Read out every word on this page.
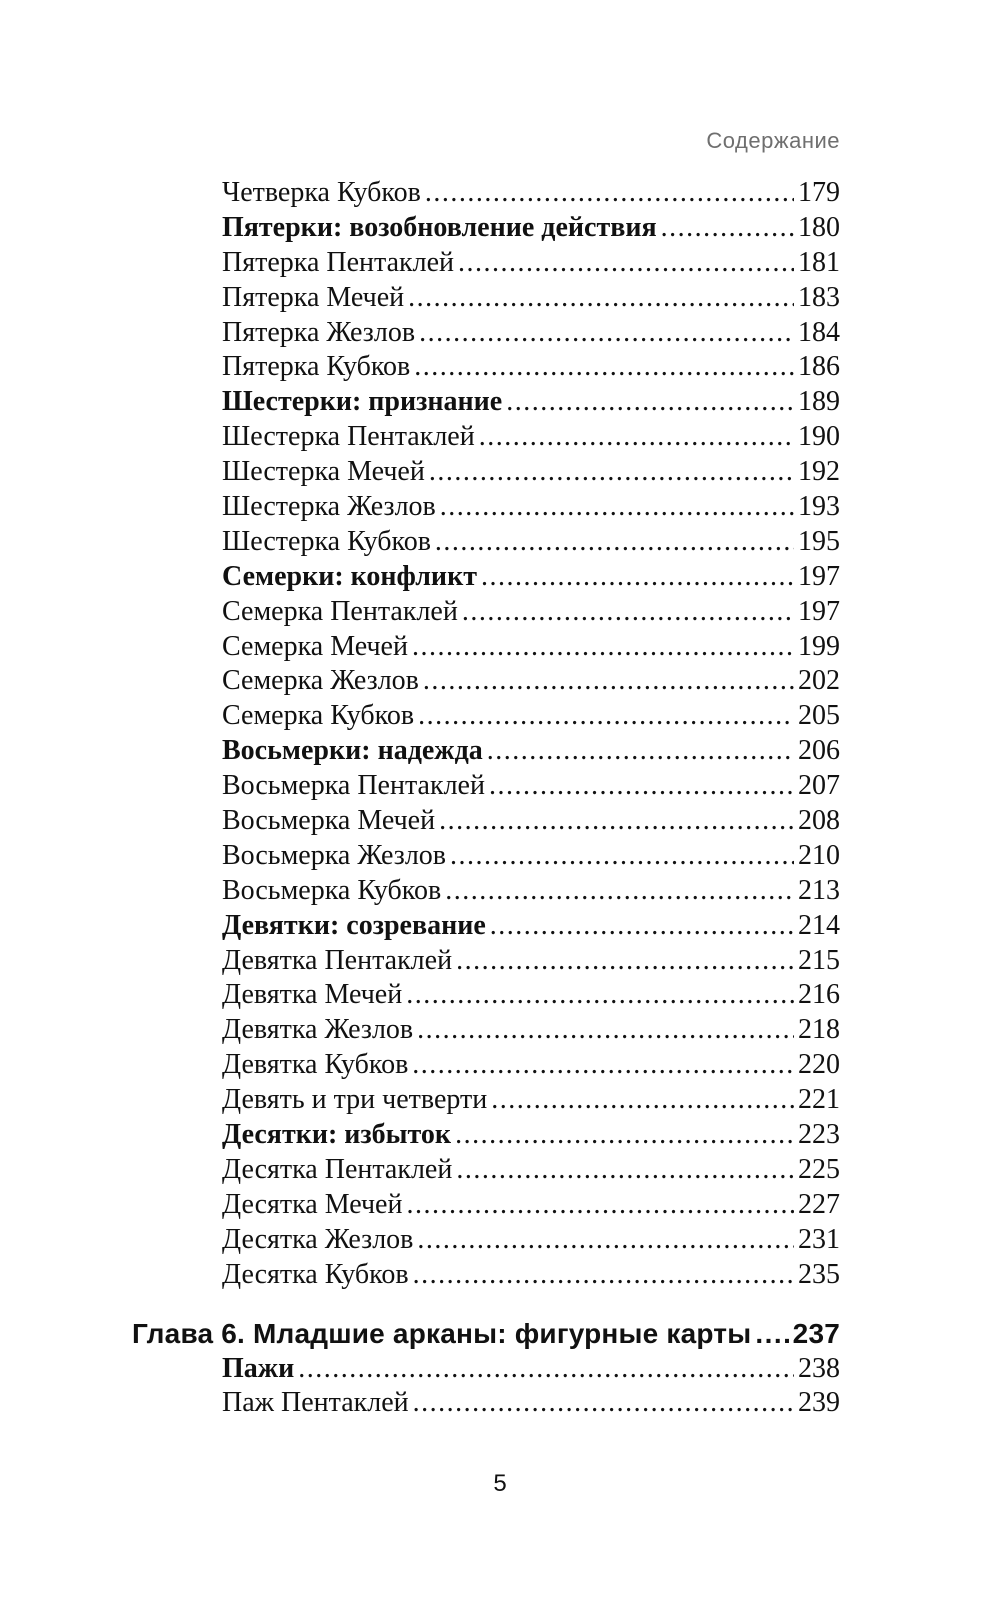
Содержание
Четверка Кубков .....	179
Пятерки: возобновление действия .....	180
Пятерка Пентаклей .....	181
Пятерка Мечей .....	183
Пятерка Жезлов .....	184
Пятерка Кубков .....	186
Шестерки: признание .....	189
Шестерка Пентаклей .....	190
Шестерка Мечей .....	192
Шестерка Жезлов .....	193
Шестерка Кубков .....	195
Семерки: конфликт .....	197
Семерка Пентаклей .....	197
Семерка Мечей .....	199
Семерка Жезлов .....	202
Семерка Кубков .....	205
Восьмерки: надежда .....	206
Восьмерка Пентаклей .....	207
Восьмерка Мечей .....	208
Восьмерка Жезлов .....	210
Восьмерка Кубков .....	213
Девятки: созревание .....	214
Девятка Пентаклей .....	215
Девятка Мечей .....	216
Девятка Жезлов .....	218
Девятка Кубков .....	220
Девять и три четверти .....	221
Десятки: избыток .....	223
Десятка Пентаклей .....	225
Десятка Мечей .....	227
Десятка Жезлов .....	231
Десятка Кубков .....	235
Глава 6. Младшие арканы: фигурные карты ..... 237
Пажи .....	238
Паж Пентаклей .....	239
5
